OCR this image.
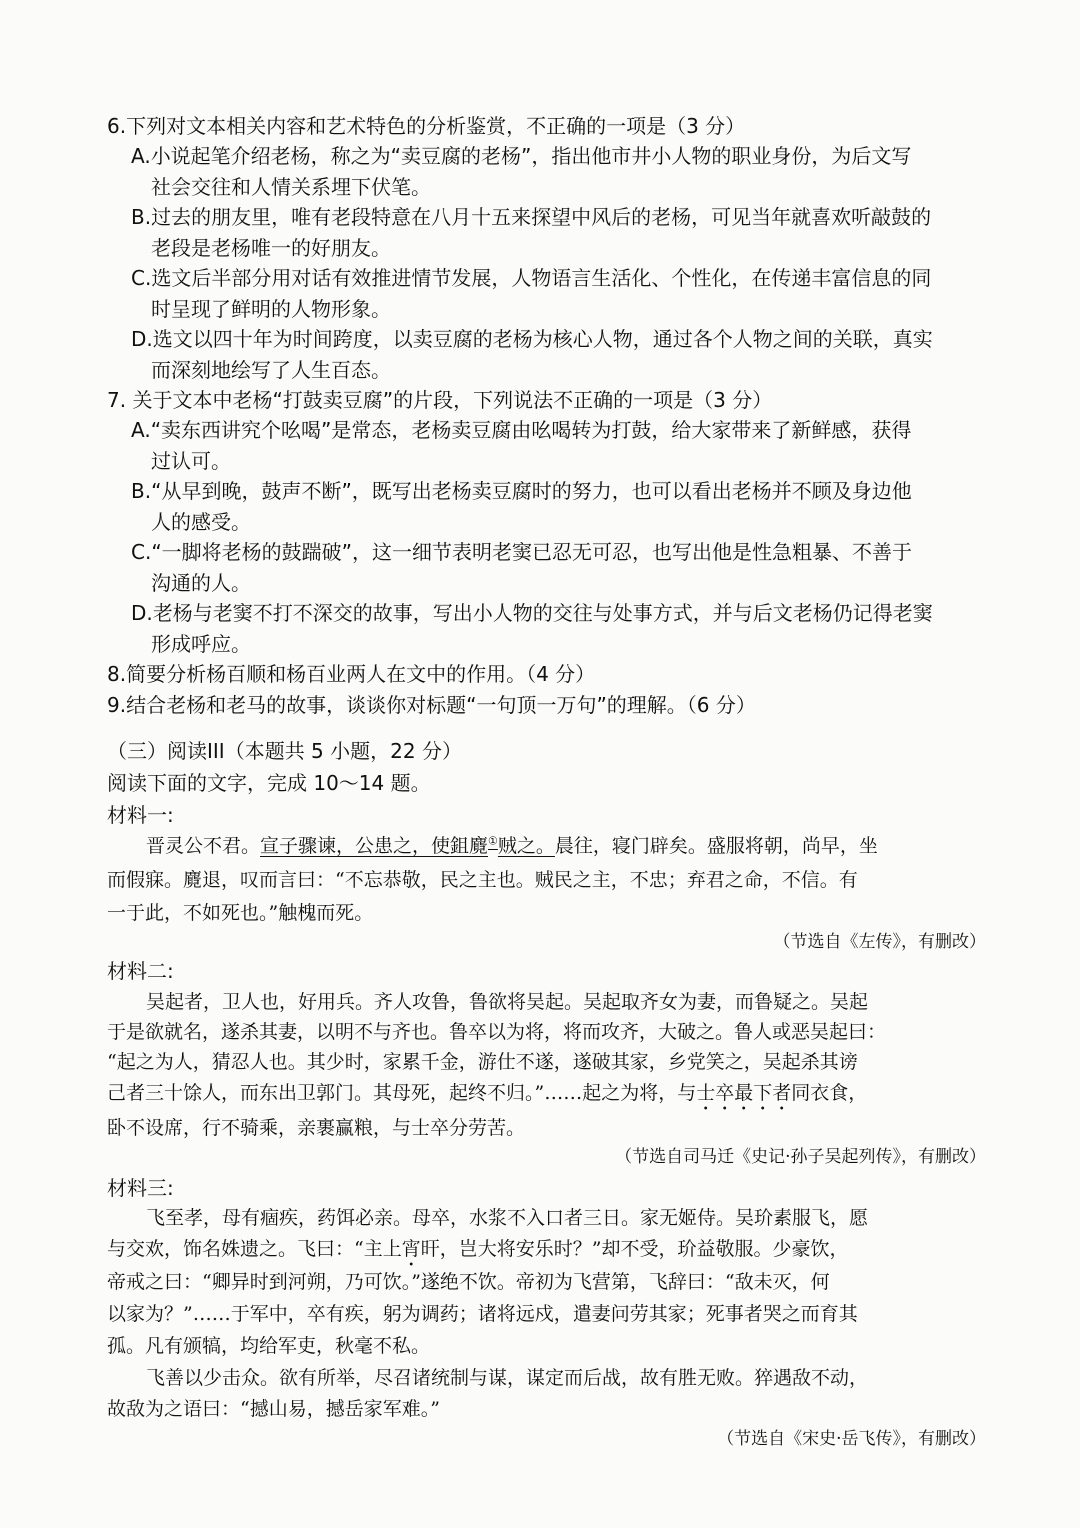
6.下列对文本相关内容和艺术特色的分析鉴赏，不正确的一项是（3 分）
A.小说起笔介绍老杨，称之为“卖豆腐的老杨”，指出他市井小人物的职业身份，为后文写
社会交往和人情关系埋下伏笔。
B.过去的朋友里，唯有老段特意在八月十五来探望中风后的老杨，可见当年就喜欢听敲鼓的
老段是老杨唯一的好朋友。
C.选文后半部分用对话有效推进情节发展，人物语言生活化、个性化，在传递丰富信息的同
时呈现了鲜明的人物形象。
D.选文以四十年为时间跨度，以卖豆腐的老杨为核心人物，通过各个人物之间的关联，真实
而深刻地绘写了人生百态。
7. 关于文本中老杨“打鼓卖豆腐”的片段，下列说法不正确的一项是（3 分）
A.“卖东西讲究个吆喝”是常态，老杨卖豆腐由吆喝转为打鼓，给大家带来了新鲜感，获得
过认可。
B.“从早到晚，鼓声不断”，既写出老杨卖豆腐时的努力，也可以看出老杨并不顾及身边他
人的感受。
C.“一脚将老杨的鼓踹破”，这一细节表明老窦已忍无可忍，也写出他是性急粗暴、不善于
沟通的人。
D.老杨与老窦不打不深交的故事，写出小人物的交往与处事方式，并与后文老杨仍记得老窦
形成呼应。
8.简要分析杨百顺和杨百业两人在文中的作用。（4 分）
9.结合老杨和老马的故事，谈谈你对标题“一句顶一万句”的理解。（6 分）
（三）阅读III（本题共 5 小题，22 分）
阅读下面的文字，完成 10～14 题。
材料一:
晋灵公不君。宣子骤谏，公患之，使鉏麑①贼之。晨往，寝门辟矣。盛服将朝，尚早，坐
而假寐。麑退，叹而言曰：“不忘恭敬，民之主也。贼民之主，不忠；弃君之命，不信。有
一于此，不如死也。”触槐而死。
（节选自《左传》，有删改）
材料二:
吴起者，卫人也，好用兵。齐人攻鲁，鲁欲将吴起。吴起取齐女为妻，而鲁疑之。吴起
于是欲就名，遂杀其妻，以明不与齐也。鲁卒以为将，将而攻齐，大破之。鲁人或恶吴起曰：
“起之为人，猜忍人也。其少时，家累千金，游仕不遂，遂破其家，乡党笑之，吴起杀其谤
己者三十馀人，而东出卫郭门。其母死，起终不归。”……起之为将，与士卒最下者同衣食，
卧不设席，行不骑乘，亲裹赢粮，与士卒分劳苦。
（节选自司马迁《史记·孙子吴起列传》，有删改）
材料三:
飞至孝，母有痼疾，药饵必亲。母卒，水浆不入口者三日。家无姬侍。吴玠素服飞，愿
与交欢，饰名姝遗之。飞曰：“主上宵旰，岂大将安乐时？”却不受，玠益敬服。少豪饮，
帝戒之曰：“卿异时到河朔，乃可饮。”遂绝不饮。帝初为飞营第，飞辞曰：“敌未灭，何
以家为？”……于军中，卒有疾，躬为调药；诸将远戍，遣妻问劳其家；死事者哭之而育其
孤。凡有颁犒，均给军吏，秋毫不私。
飞善以少击众。欲有所举，尽召诸统制与谋，谋定而后战，故有胜无败。猝遇敌不动，
故敌为之语曰：“撼山易，撼岳家军难。”
（节选自《宋史·岳飞传》，有删改）
